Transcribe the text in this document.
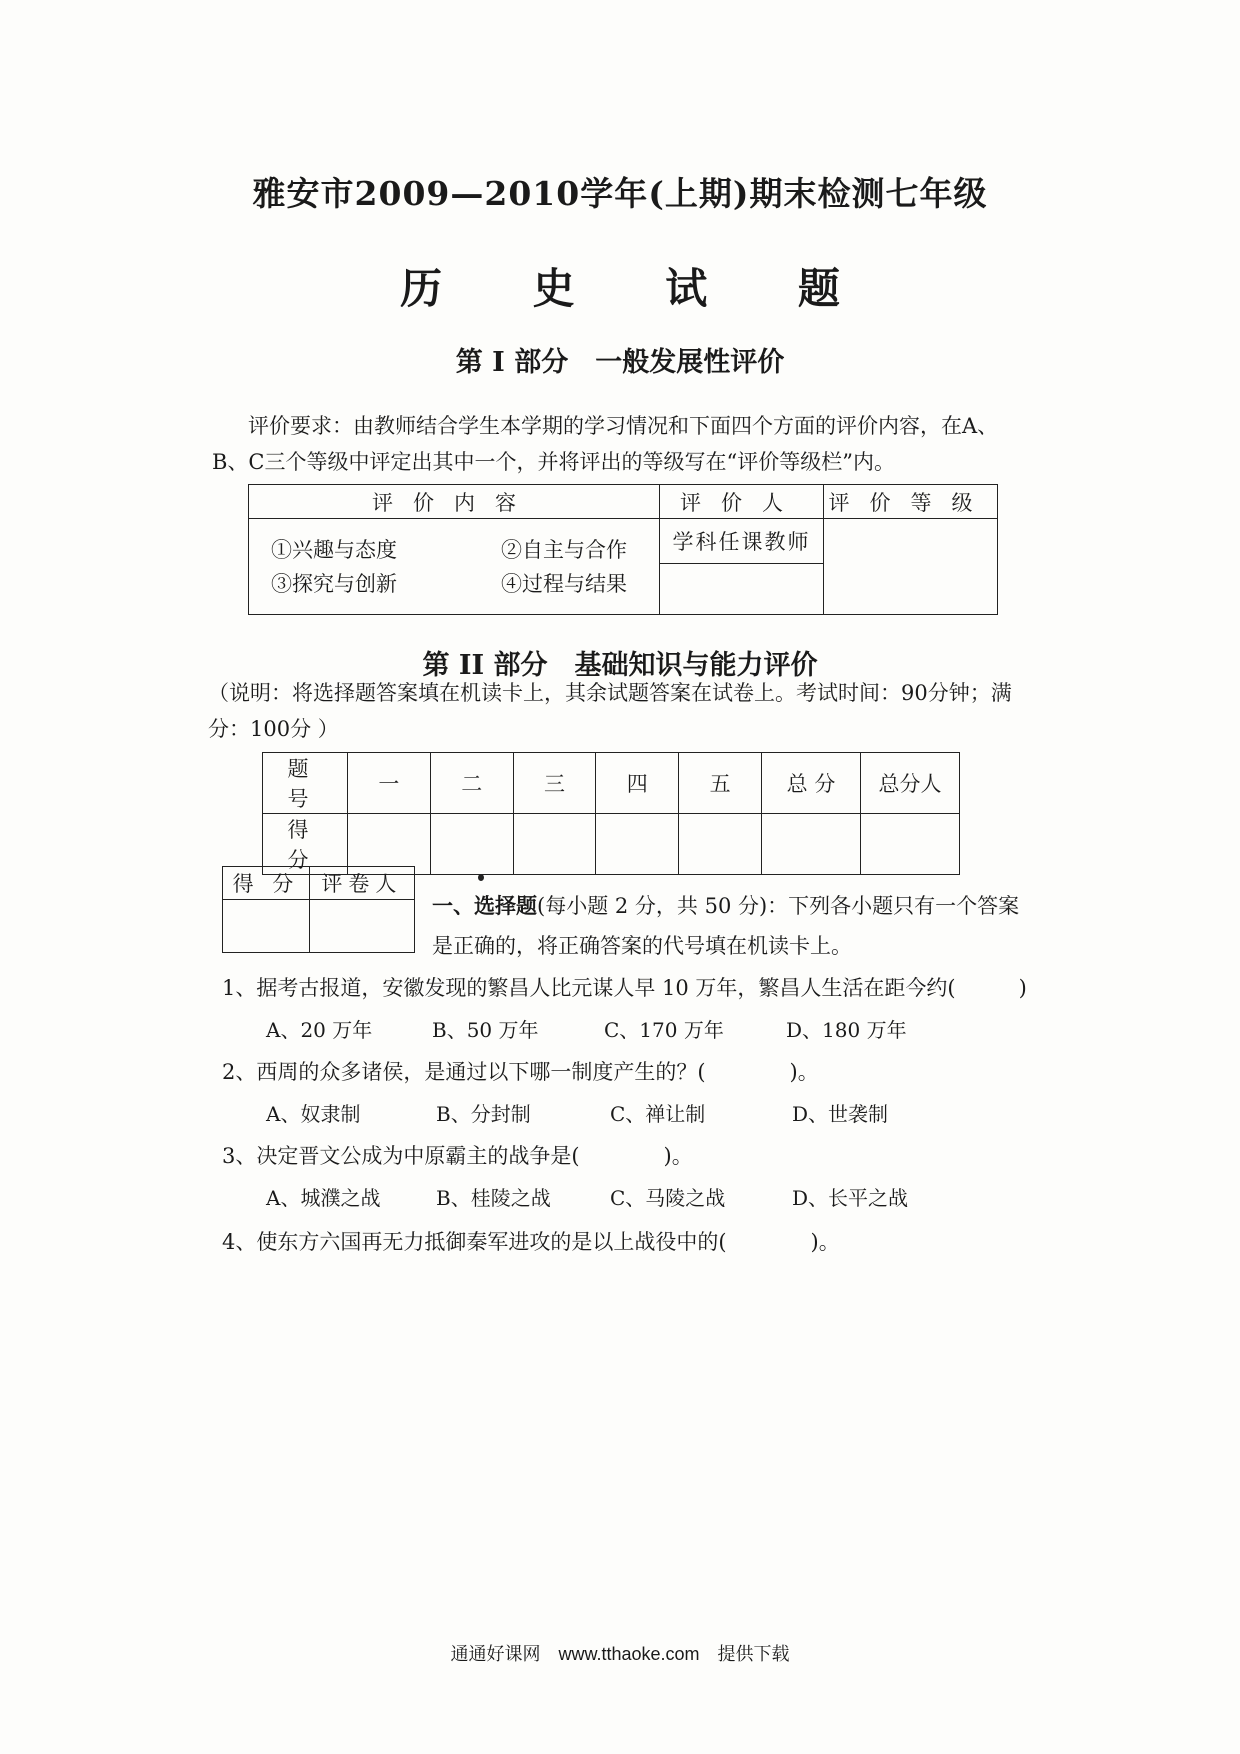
雅安市2009—2010学年(上期)期末检测七年级
历 史 试 题
第 I 部分　一般发展性评价
评价要求：由教师结合学生本学期的学习情况和下面四个方面的评价内容，在A、B、C三个等级中评定出其中一个，并将评出的等级写在“评价等级栏”内。
评价内容	评价人	评价等级

①兴趣与态度 ②自主与合作
③探究与创新 ④过程与结果	学科任课教师	

第 II 部分　基础知识与能力评价
（说明：将选择题答案填在机读卡上，其余试题答案在试卷上。考试时间：90分钟；满分：100分 ）
题 号	一	二	三	四	五	总 分	总分人
得 分							
得 分	评卷人

一、选择题(每小题 2 分，共 50 分)：下列各小题只有一个答案是正确的，将正确答案的代号填在机读卡上。
1、据考古报道，安徽发现的繁昌人比元谋人早 10 万年，繁昌人生活在距今约(　　　)
A、20 万年	B、50 万年	C、170 万年	D、180 万年
2、西周的众多诸侯，是通过以下哪一制度产生的？(　　　　)。
A、奴隶制	B、分封制	C、禅让制	D、世袭制
3、决定晋文公成为中原霸主的战争是(　　　　)。
A、城濮之战	B、桂陵之战	C、马陵之战	D、长平之战
4、使东方六国再无力抵御秦军进攻的是以上战役中的(　　　　)。
通通好课网　www.tthaoke.com　提供下载
